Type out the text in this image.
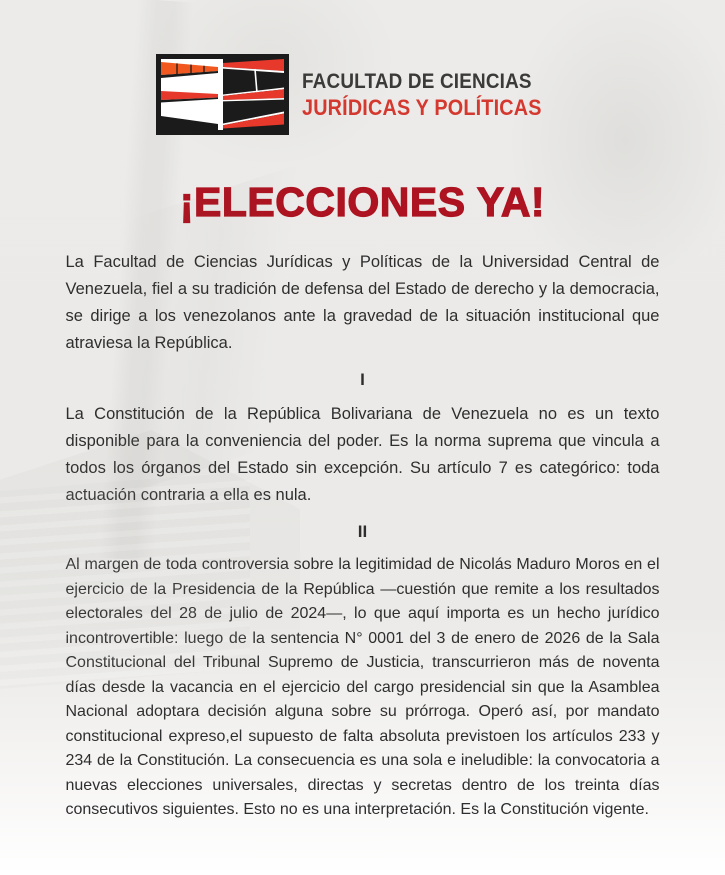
FACULTAD DE CIENCIAS
JURÍDICAS Y POLÍTICAS
¡ELECCIONES YA!

La Facultad de Ciencias Jurídicas y Políticas de la Universidad Central de Venezuela, fiel a su tradición de defensa del Estado de derecho y la democracia, se dirige a los venezolanos ante la gravedad de la situación institucional que atraviesa la República.

I

La Constitución de la República Bolivariana de Venezuela no es un texto disponible para la conveniencia del poder. Es la norma suprema que vincula a todos los órganos del Estado sin excepción. Su artículo 7 es categórico: toda actuación contraria a ella es nula.

II

Al margen de toda controversia sobre la legitimidad de Nicolás Maduro Moros en el ejercicio de la Presidencia de la República —cuestión que remite a los resultados electorales del 28 de julio de 2024—, lo que aquí importa es un hecho jurídico incontrovertible: luego de la sentencia N° 0001 del 3 de enero de 2026 de la Sala Constitucional del Tribunal Supremo de Justicia, transcurrieron más de noventa días desde la vacancia en el ejercicio del cargo presidencial sin que la Asamblea Nacional adoptara decisión alguna sobre su prórroga. Operó así, por mandato constitucional expreso,el supuesto de falta absoluta previstoen los artículos 233 y 234 de la Constitución. La consecuencia es una sola e ineludible: la convocatoria a nuevas elecciones universales, directas y secretas dentro de los treinta días consecutivos siguientes. Esto no es una interpretación. Es la Constitución vigente.
